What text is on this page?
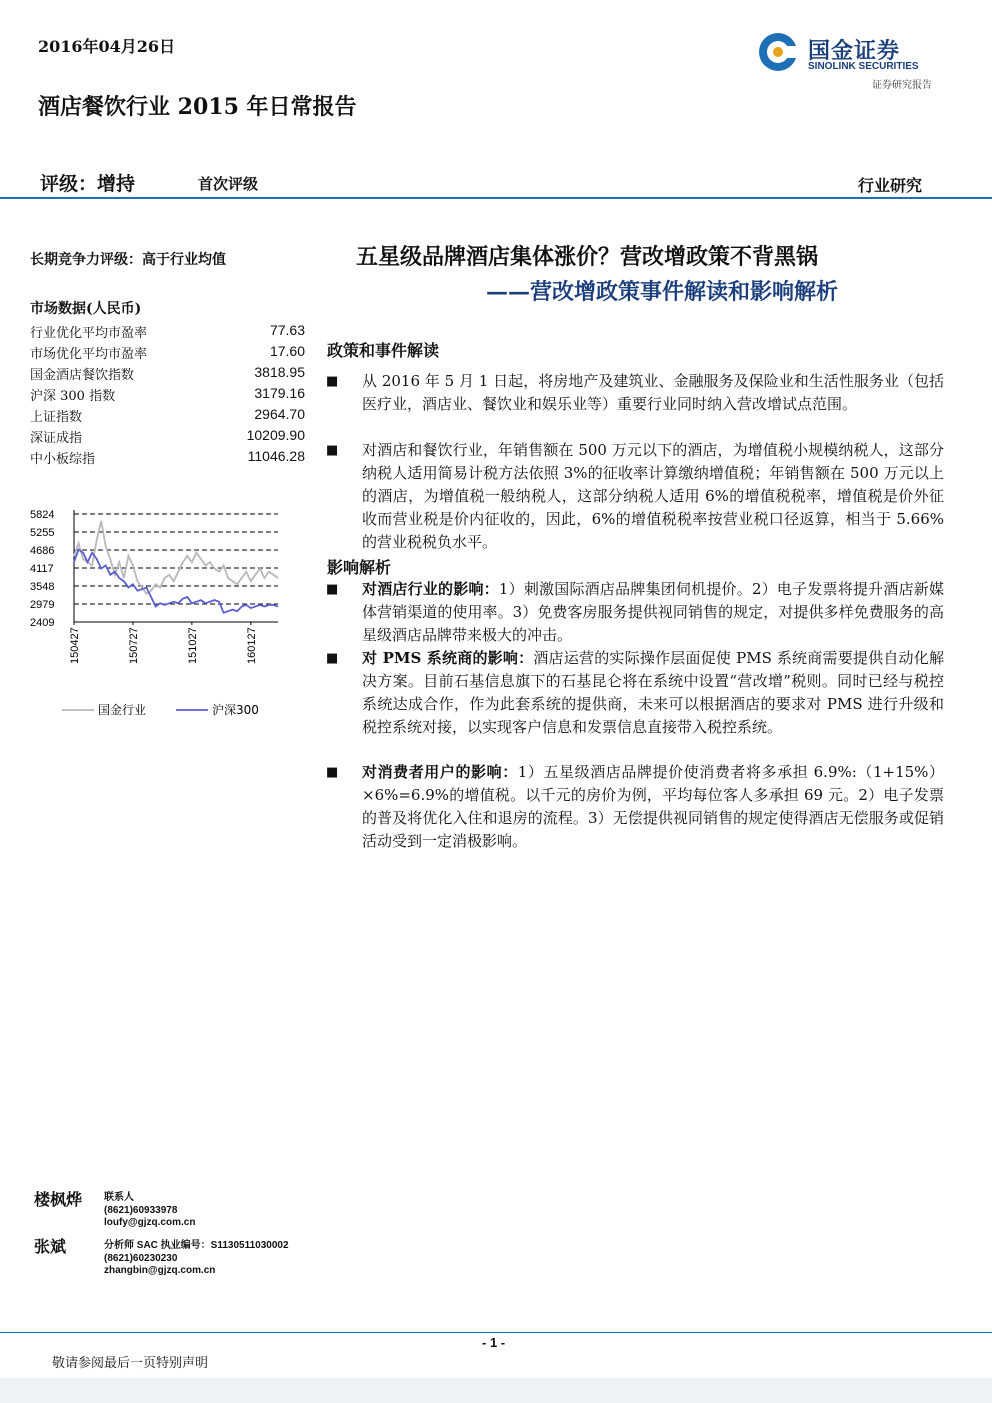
2016年04月26日	国金证券
SINOLINK SECURITIES
证券研究报告
酒店餐饮行业 2015 年日常报告
评级：增持	首次评级	行业研究
长期竞争力评级：高于行业均值
市场数据(人民币)
行业优化平均市盈率	77.63
市场优化平均市盈率	17.60
国金酒店餐饮指数	3818.95
沪深 300 指数	3179.16
上证指数	2964.70
深证成指	10209.90
中小板综指	11046.28
5824
5255
4686
4117
3548
2979
2409
150427	150727	151027	160127
国金行业	沪深300
五星级品牌酒店集体涨价？营改增政策不背黑锅
——营改增政策事件解读和影响解析
政策和事件解读
■ 从 2016 年 5 月 1 日起，将房地产及建筑业、金融服务及保险业和生活性服务业（包括医疗业，酒店业、餐饮业和娱乐业等）重要行业同时纳入营改增试点范围。
■ 对酒店和餐饮行业，年销售额在 500 万元以下的酒店，为增值税小规模纳税人，这部分纳税人适用简易计税方法依照 3%的征收率计算缴纳增值税；年销售额在 500 万元以上的酒店，为增值税一般纳税人，这部分纳税人适用 6%的增值税税率，增值税是价外征收而营业税是价内征收的，因此，6%的增值税税率按营业税口径返算，相当于 5.66%的营业税税负水平。
影响解析
■ 对酒店行业的影响：1）刺激国际酒店品牌集团伺机提价。2）电子发票将提升酒店新媒体营销渠道的使用率。3）免费客房服务提供视同销售的规定，对提供多样免费服务的高星级酒店品牌带来极大的冲击。
■ 对 PMS 系统商的影响：酒店运营的实际操作层面促使 PMS 系统商需要提供自动化解决方案。目前石基信息旗下的石基昆仑将在系统中设置“营改增”税则。同时已经与税控系统达成合作，作为此套系统的提供商，未来可以根据酒店的要求对 PMS 进行升级和税控系统对接，以实现客户信息和发票信息直接带入税控系统。
■ 对消费者用户的影响：1）五星级酒店品牌提价使消费者将多承担 6.9%:（1+15%）×6%=6.9%的增值税。以千元的房价为例，平均每位客人多承担 69 元。2）电子发票的普及将优化入住和退房的流程。3）无偿提供视同销售的规定使得酒店无偿服务或促销活动受到一定消极影响。
楼枫烨 联系人
(8621)60933978
loufy@gjzq.com.cn
张斌	分析师 SAC 执业编号：S1130511030002
(8621)60230230
zhangbin@gjzq.com.cn
- 1 -
敬请参阅最后一页特别声明
